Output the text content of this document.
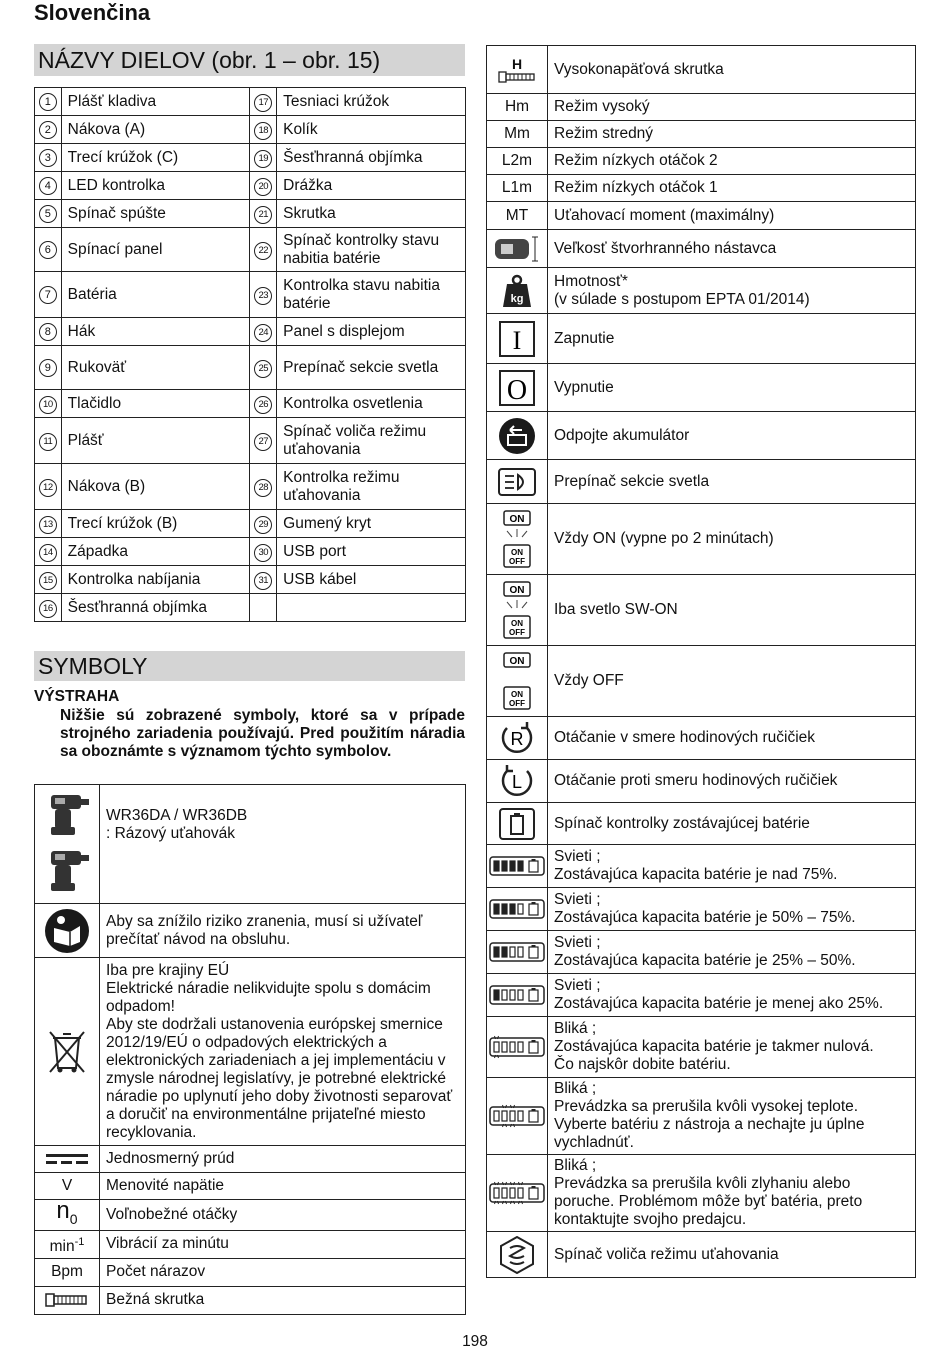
Slovenčina
NÁZVY DIELOV (obr. 1 – obr. 15)
1	Plášť kladiva	17	Tesniaci krúžok
2	Nákova (A)	18	Kolík
3	Trecí krúžok (C)	19	Šesťhranná objímka
4	LED kontrolka	20	Drážka
5	Spínač spúšte	21	Skrutka
6	Spínací panel	22	Spínač kontrolky stavu nabitia batérie
7	Batéria	23	Kontrolka stavu nabitia batérie
8	Hák	24	Panel s displejom
9	Rukoväť	25	Prepínač sekcie svetla
10	Tlačidlo	26	Kontrolka osvetlenia
11	Plášť	27	Spínač voliča režimu uťahovania
12	Nákova (B)	28	Kontrolka režimu uťahovania
13	Trecí krúžok (B)	29	Gumený kryt
14	Západka	30	USB port
15	Kontrolka nabíjania	31	USB kábel
16	Šesťhranná objímka		
SYMBOLY
VÝSTRAHA
Nižšie sú zobrazené symboly, ktoré sa v prípade strojného zariadenia používajú. Pred použitím náradia sa oboznámte s významom týchto symbolov.
	WR36DA / WR36DB
: Rázový uťahovák

	Aby sa znížilo riziko zranenia, musí si užívateľ prečítať návod na obsluhu.

	Iba pre krajiny EÚ
Elektrické náradie nelikvidujte spolu s domácim odpadom!
Aby ste dodržali ustanovenia európskej smernice 2012/19/EÚ o odpadových elektrických a elektronických zariadeniach a jej implementáciu v zmysle národnej legislatívy, je potrebné elektrické náradie po uplynutí jeho doby životnosti separovať a doručiť na environmentálne prijateľné miesto recyklovania.

	Jednosmerný prúd
V	Menovité napätie
$n_0$	Voľnobežné otáčky
$\min^{-1}$	Vibrácií za minútu
Bpm	Počet nárazov

	Bežná skrutka
H	Vysokonapäťová skrutka
Hm	Režim vysoký
Mm	Režim stredný
L2m	Režim nízkych otáčok 2
L1m	Režim nízkych otáčok 1
MT	Uťahovací moment (maximálny)

	Veľkosť štvorhranného nástavca

kg	Hmotnosť*
(v súlade s postupom EPTA 01/2014)

I	Zapnutie

O	Vypnutie

	Odpojte akumulátor

	Prepínač sekcie svetla

ON
ON
OFF	Vždy ON (vypne po 2 minútach)

ON
ON
OFF	Iba svetlo SW-ON

ON
ON
OFF	Vždy OFF

R	Otáčanie v smere hodinových ručičiek

L	Otáčanie proti smeru hodinových ručičiek

	Spínač kontrolky zostávajúcej batérie

	Svieti ;
Zostávajúca kapacita batérie je nad 75%.

	Svieti ;
Zostávajúca kapacita batérie je 50% – 75%.

	Svieti ;
Zostávajúca kapacita batérie je 25% – 50%.

	Svieti ;
Zostávajúca kapacita batérie je menej ako 25%.

	Bliká ;
Zostávajúca kapacita batérie je takmer nulová.
Čo najskôr dobite batériu.

	Bliká ;
Prevádzka sa prerušila kvôli vysokej teplote.
Vyberte batériu z nástroja a nechajte ju úplne vychladnúť.

	Bliká ;
Prevádzka sa prerušila kvôli zlyhaniu alebo poruche. Problémom môže byť batéria, preto kontaktujte svojho predajcu.

	Spínač voliča režimu uťahovania
198
